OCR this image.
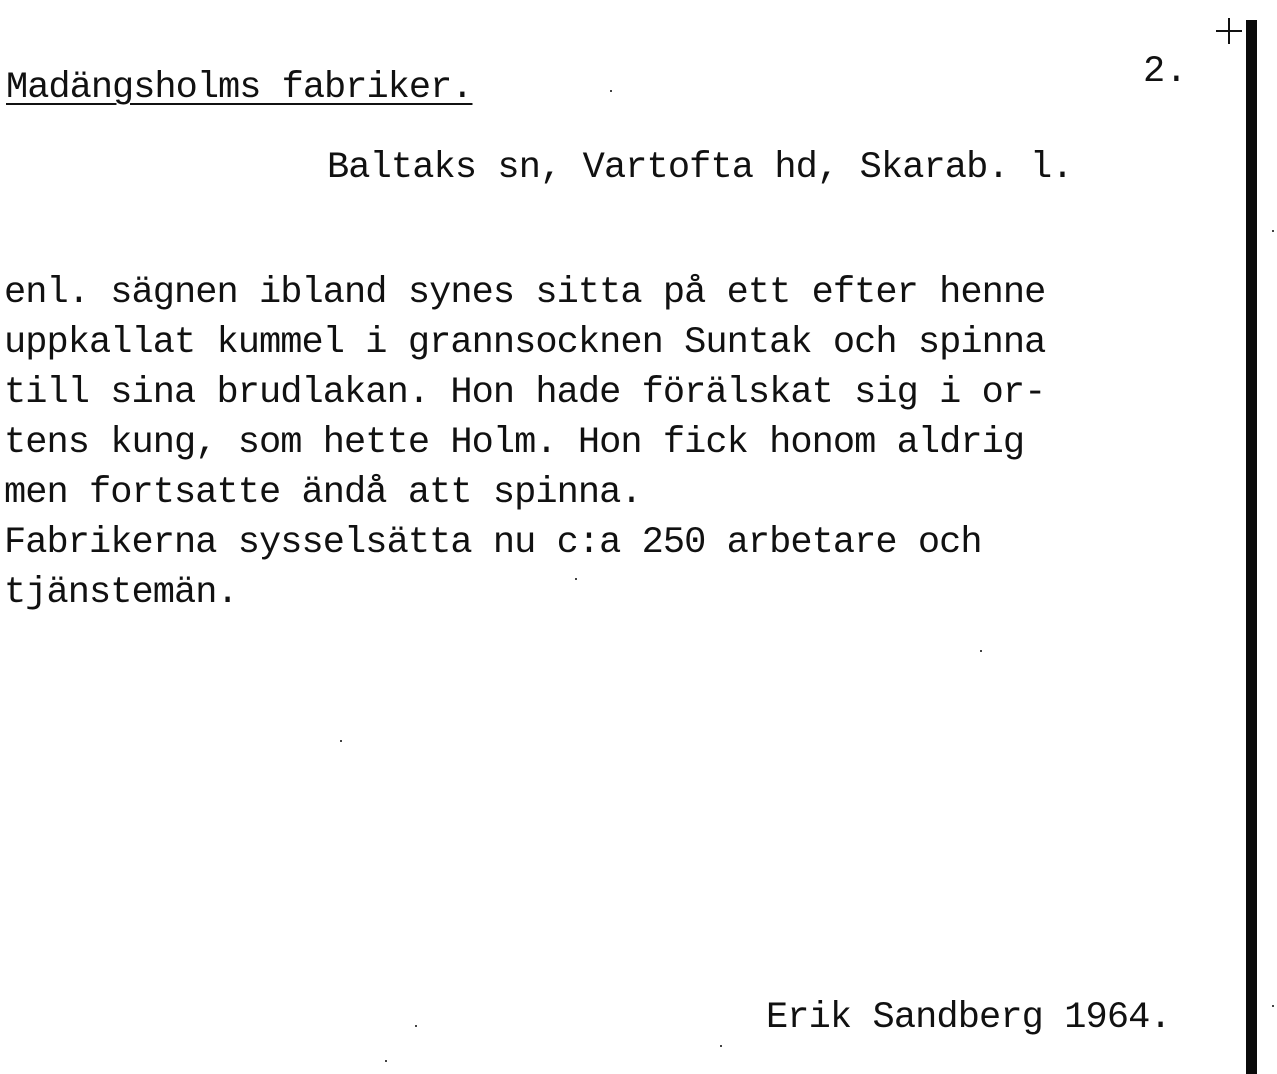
Madängsholms fabriker.	2.
Baltaks sn, Vartofta hd, Skarab. l.
enl. sägnen ibland synes sitta på ett efter henne
uppkallat kummel i grannsocknen Suntak och spinna
till sina brudlakan. Hon hade förälskat sig i or-
tens kung, som hette Holm. Hon fick honom aldrig
men fortsatte ändå att spinna.
Fabrikerna sysselsätta nu c:a 250 arbetare och
tjänstemän.
Erik Sandberg 1964.
